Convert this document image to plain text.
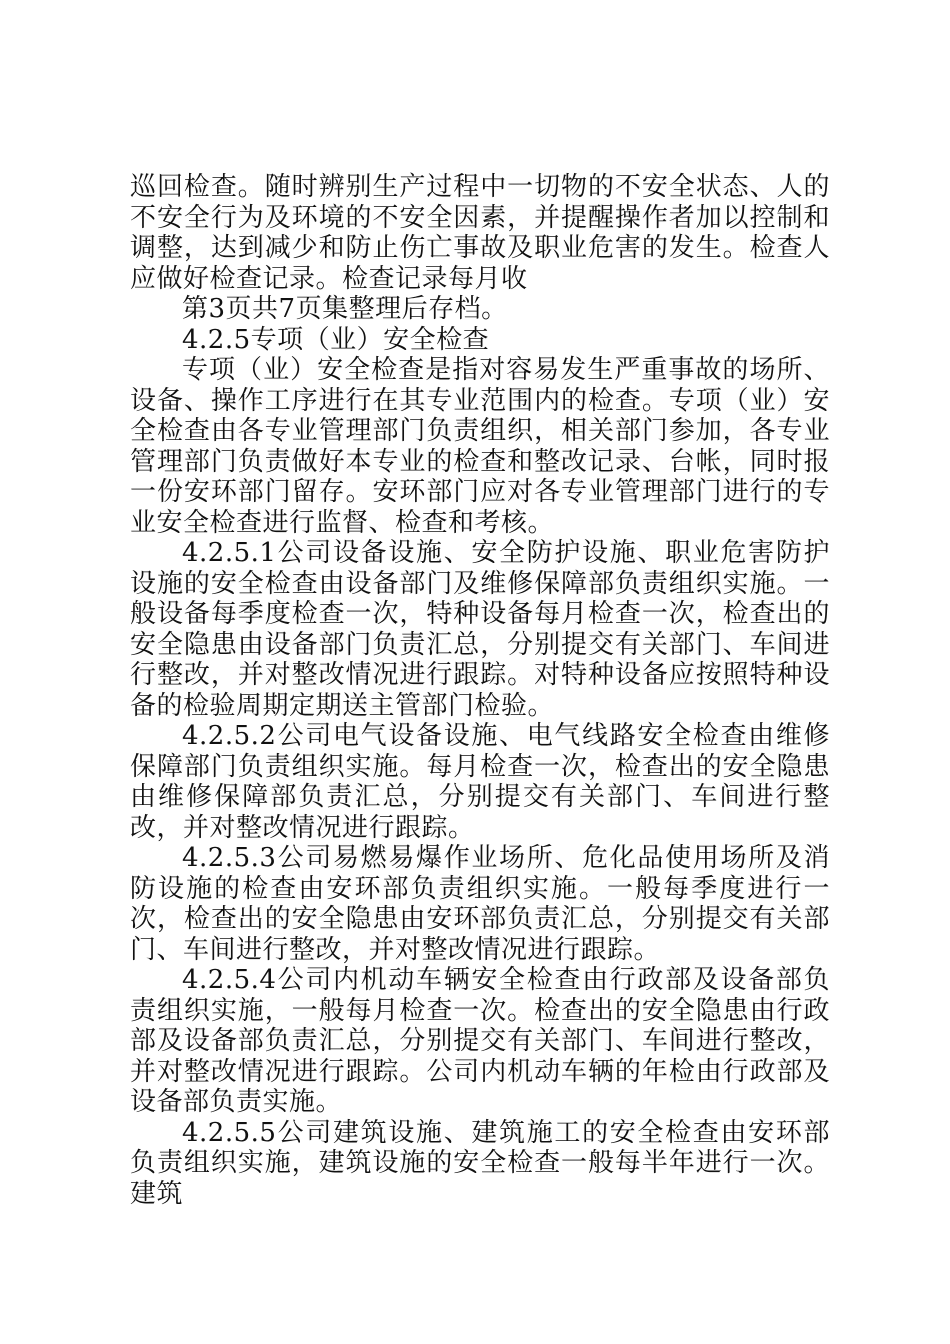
巡回检查。随时辨别生产过程中一切物的不安全状态、人的不安全行为及环境的不安全因素，并提醒操作者加以控制和调整，达到减少和防止伤亡事故及职业危害的发生。检查人应做好检查记录。检查记录每月收

第3页共7页集整理后存档。

4.2.5专项（业）安全检查

专项（业）安全检查是指对容易发生严重事故的场所、设备、操作工序进行在其专业范围内的检查。专项（业）安全检查由各专业管理部门负责组织，相关部门参加，各专业管理部门负责做好本专业的检查和整改记录、台帐，同时报一份安环部门留存。安环部门应对各专业管理部门进行的专业安全检查进行监督、检查和考核。

4.2.5.1公司设备设施、安全防护设施、职业危害防护设施的安全检查由设备部门及维修保障部负责组织实施。一般设备每季度检查一次，特种设备每月检查一次，检查出的安全隐患由设备部门负责汇总，分别提交有关部门、车间进行整改，并对整改情况进行跟踪。对特种设备应按照特种设备的检验周期定期送主管部门检验。

4.2.5.2公司电气设备设施、电气线路安全检查由维修保障部门负责组织实施。每月检查一次，检查出的安全隐患由维修保障部负责汇总，分别提交有关部门、车间进行整改，并对整改情况进行跟踪。

4.2.5.3公司易燃易爆作业场所、危化品使用场所及消防设施的检查由安环部负责组织实施。一般每季度进行一次，检查出的安全隐患由安环部负责汇总，分别提交有关部门、车间进行整改，并对整改情况进行跟踪。

4.2.5.4公司内机动车辆安全检查由行政部及设备部负责组织实施，一般每月检查一次。检查出的安全隐患由行政部及设备部负责汇总，分别提交有关部门、车间进行整改，并对整改情况进行跟踪。公司内机动车辆的年检由行政部及设备部负责实施。

4.2.5.5公司建筑设施、建筑施工的安全检查由安环部负责组织实施，建筑设施的安全检查一般每半年进行一次。建筑
